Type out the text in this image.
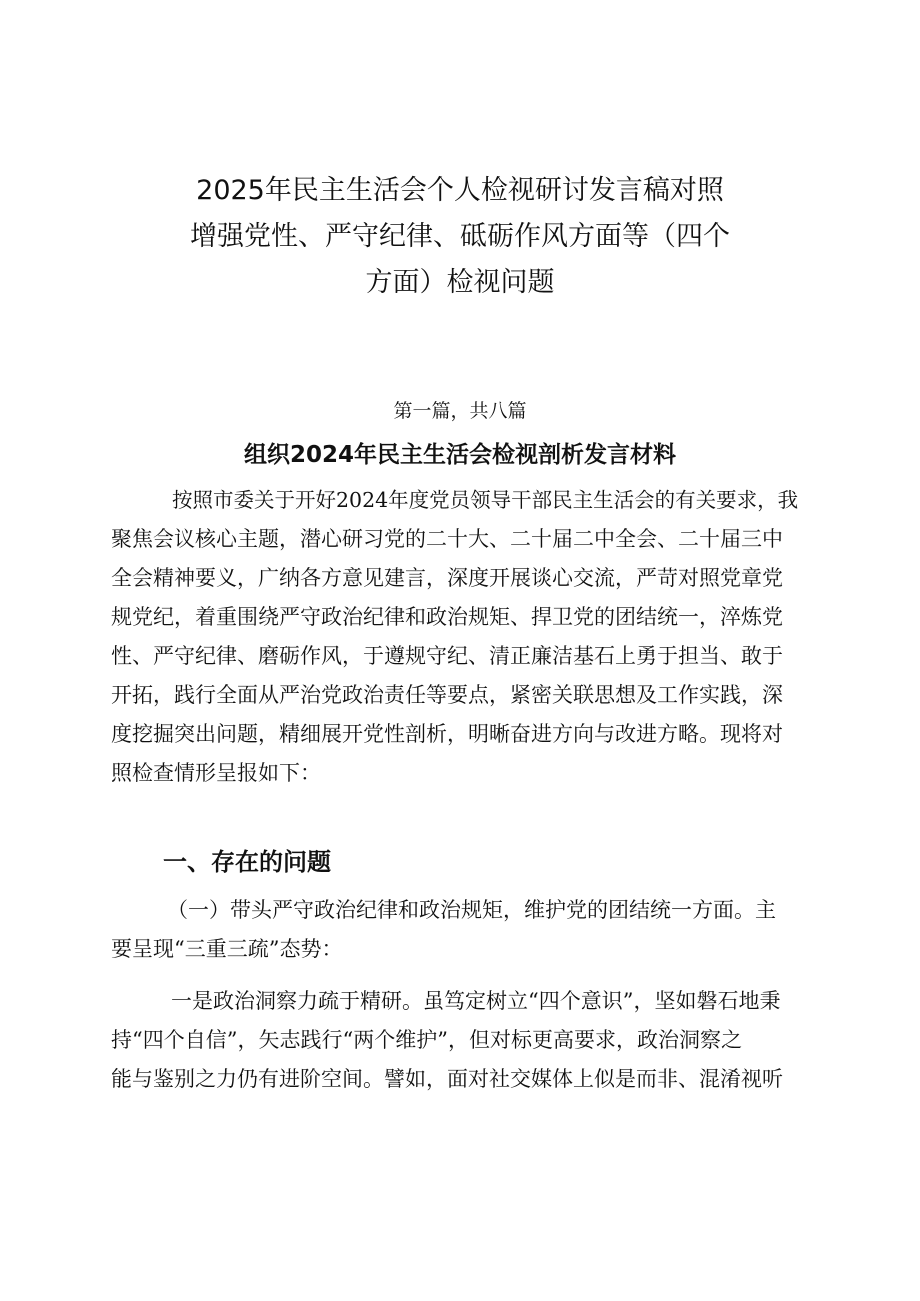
2025年民主生活会个人检视研讨发言稿对照
增强党性、严守纪律、砥砺作风方面等（四个
方面）检视问题

第一篇，共八篇

组织2024年民主生活会检视剖析发言材料

按照市委关于开好2024年度党员领导干部民主生活会的有关要求，我
聚焦会议核心主题，潜心研习党的二十大、二十届二中全会、二十届三中
全会精神要义，广纳各方意见建言，深度开展谈心交流，严苛对照党章党
规党纪，着重围绕严守政治纪律和政治规矩、捍卫党的团结统一，淬炼党
性、严守纪律、磨砺作风，于遵规守纪、清正廉洁基石上勇于担当、敢于
开拓，践行全面从严治党政治责任等要点，紧密关联思想及工作实践，深
度挖掘突出问题，精细展开党性剖析，明晰奋进方向与改进方略。现将对
照检查情形呈报如下：

一、存在的问题

（一）带头严守政治纪律和政治规矩，维护党的团结统一方面。主
要呈现“三重三疏”态势：

一是政治洞察力疏于精研。虽笃定树立“四个意识”，坚如磐石地秉
持“四个自信”，矢志践行“两个维护”，但对标更高要求，政治洞察之
能与鉴别之力仍有进阶空间。譬如，面对社交媒体上似是而非、混淆视听
